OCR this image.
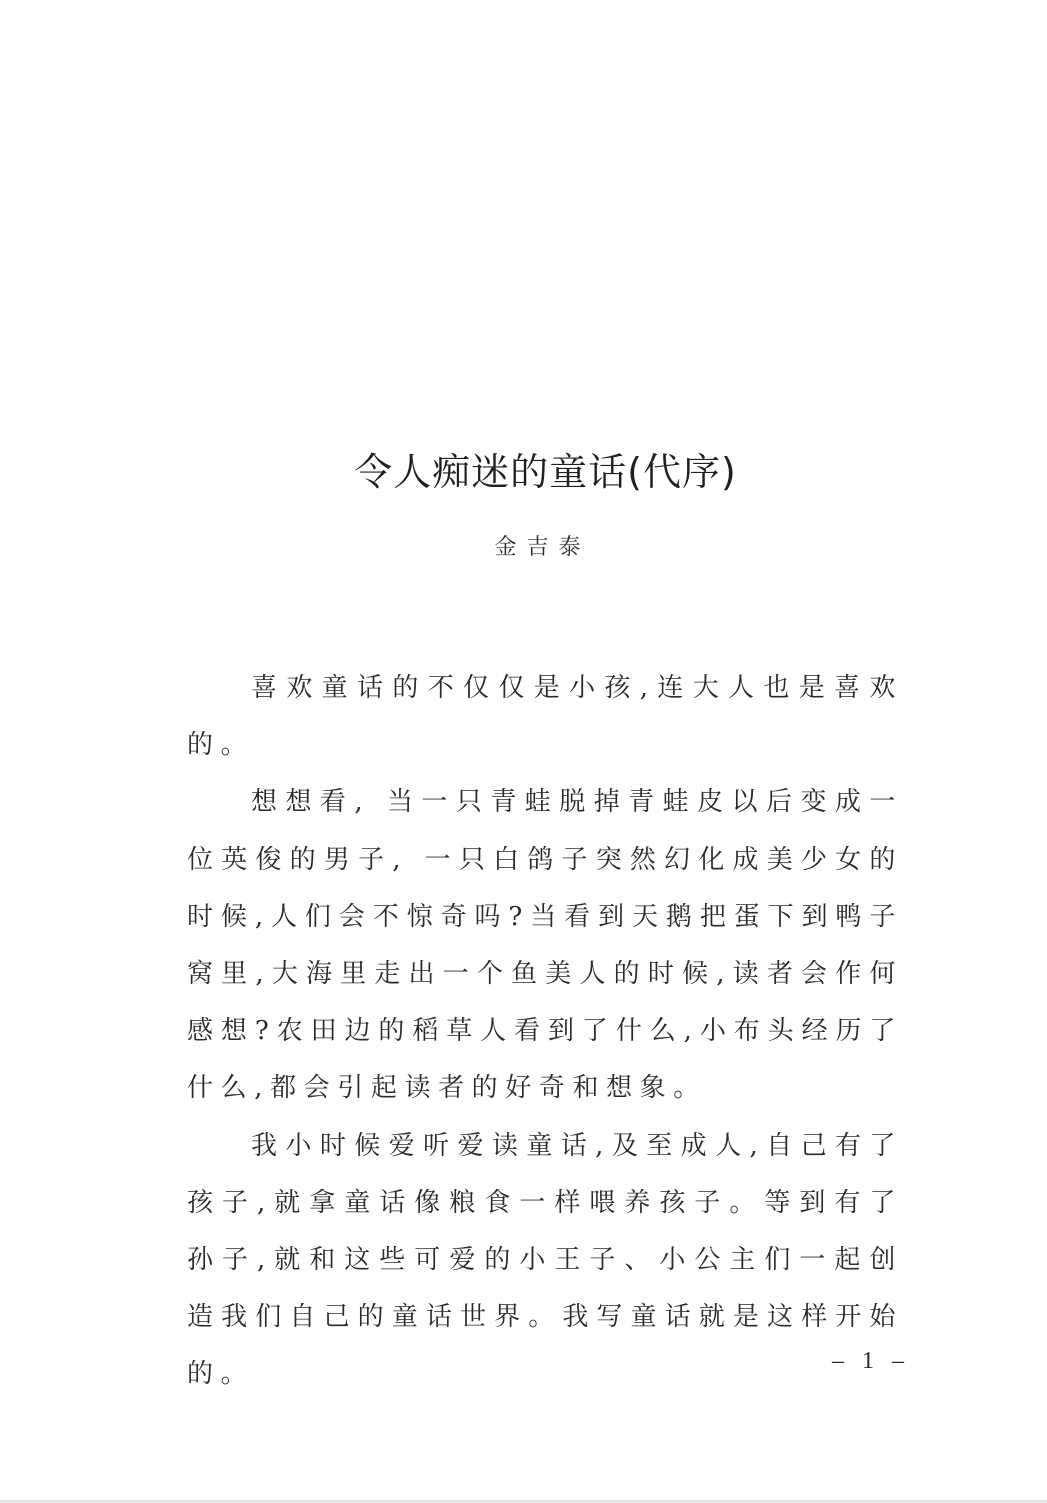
令人痴迷的童话(代序)
金吉泰

喜欢童话的不仅仅是小孩,连大人也是喜欢的。

想想看, 当一只青蛙脱掉青蛙皮以后变成一位英俊的男子, 一只白鸽子突然幻化成美少女的时候,人们会不惊奇吗?当看到天鹅把蛋下到鸭子窝里,大海里走出一个鱼美人的时候,读者会作何感想?农田边的稻草人看到了什么,小布头经历了什么,都会引起读者的好奇和想象。

我小时候爱听爱读童话,及至成人,自己有了孩子,就拿童话像粮食一样喂养孩子。等到有了孙子,就和这些可爱的小王子、小公主们一起创造我们自己的童话世界。我写童话就是这样开始的。	– 1 –
